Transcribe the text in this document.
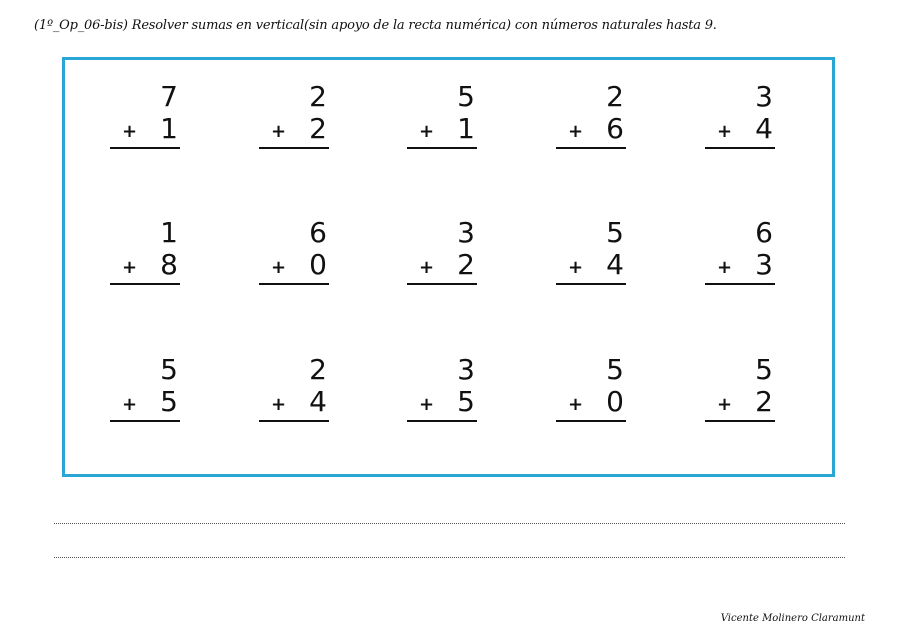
(1º_Op_06-bis) Resolver sumas en vertical(sin apoyo de la recta numérica) con números naturales hasta 9.
7
+ 1
2
+ 2
5
+ 1
2
+ 6
3
+ 4
1
+ 8
6
+ 0
3
+ 2
5
+ 4
6
+ 3
5
+ 5
2
+ 4
3
+ 5
5
+ 0
5
+ 2
Vicente Molinero Claramunt
